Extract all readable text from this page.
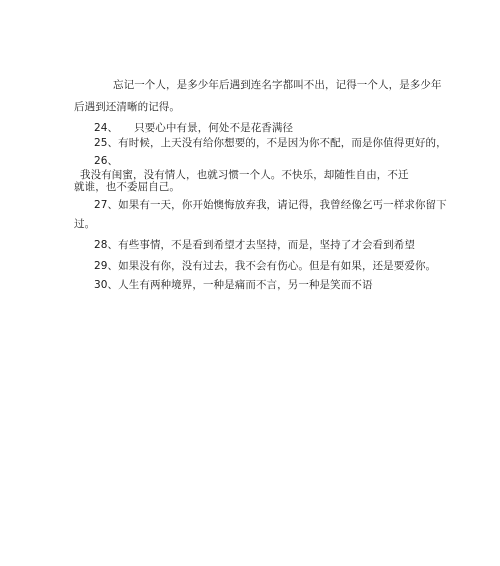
忘记一个人，是多少年后遇到连名字都叫不出，记得一个人，是多少年
后遇到还清晰的记得。
24、　　只要心中有景，何处不是花香满径
25、有时候，上天没有给你想要的，不是因为你不配，而是你值得更好的，
26、
我没有闺蜜，没有情人，也就习惯一个人。不快乐，却随性自由，不迁
就谁，也不委屈自己。
27、如果有一天，你开始懊悔放弃我，请记得，我曾经像乞丐一样求你留下
过。
28、有些事情，不是看到希望才去坚持，而是，坚持了才会看到希望
29、如果没有你，没有过去，我不会有伤心。但是有如果，还是要爱你。
30、人生有两种境界，一种是痛而不言，另一种是笑而不语
